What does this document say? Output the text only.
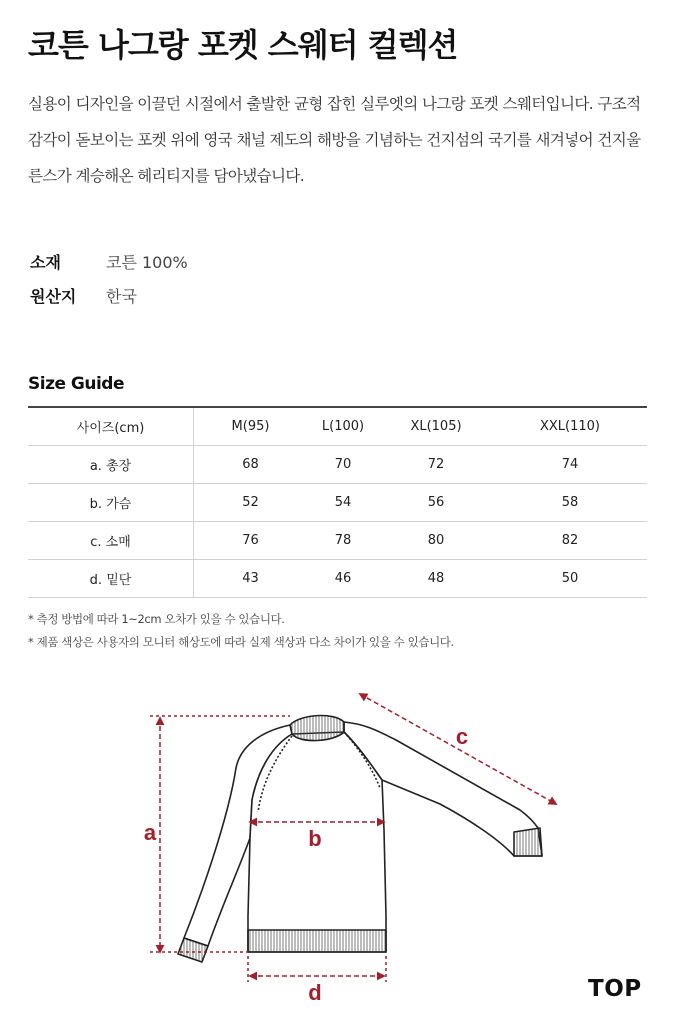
코튼 나그랑 포켓 스웨터 컬렉션

실용이 디자인을 이끌던 시절에서 출발한 균형 잡힌 실루엣의 나그랑 포켓 스웨터입니다. 구조적 감각이 돋보이는 포켓 위에 영국 채널 제도의 해방을 기념하는 건지섬의 국기를 새겨넣어 건지울른스가 계승해온 헤리티지를 담아냈습니다.

소재	코튼 100%
원산지	한국
Size Guide
사이즈(cm)	M(95)	L(100)	XL(105)	XXL(110)
a. 총장	68	70	72	74
b. 가슴	52	54	56	58
c. 소매	76	78	80	82
d. 밑단	43	46	48	50
* 측정 방법에 따라 1~2cm 오차가 있을 수 있습니다.
* 제품 색상은 사용자의 모니터 해상도에 따라 실제 색상과 다소 차이가 있을 수 있습니다.
a	b
c
d	TOP
